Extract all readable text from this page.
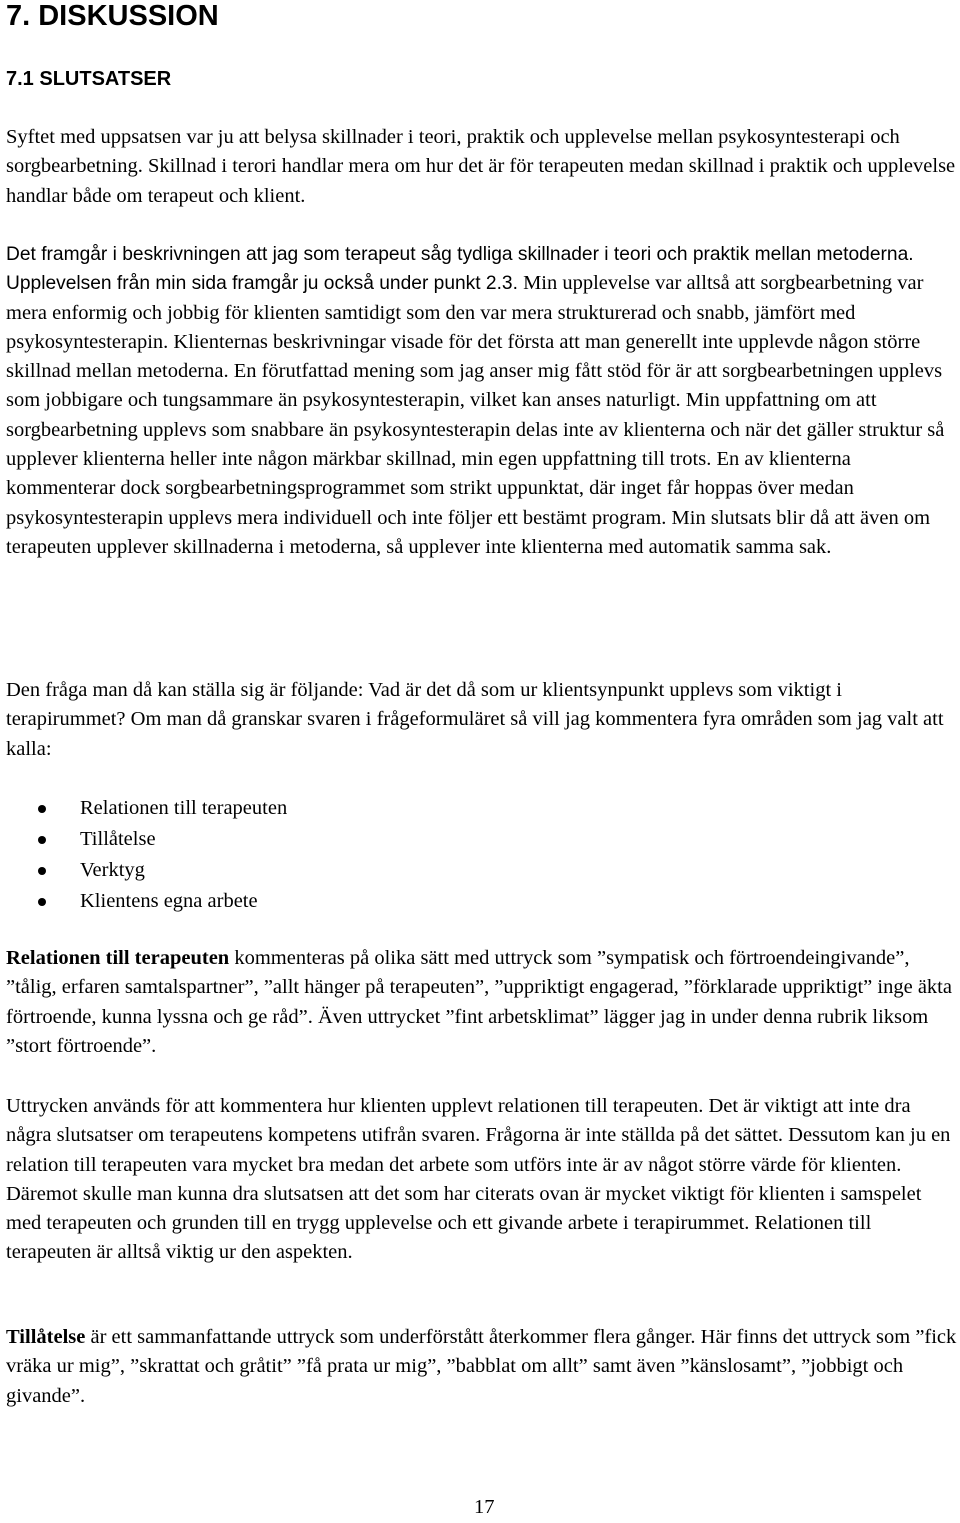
7. DISKUSSION
7.1 SLUTSATSER

Syftet med uppsatsen var ju att belysa skillnader i teori, praktik och upplevelse mellan psykosyntesterapi och sorgbearbetning. Skillnad i terori handlar mera om hur det är för terapeuten medan skillnad i praktik och upplevelse handlar både om terapeut och klient.

Det framgår i beskrivningen att jag som terapeut såg tydliga skillnader i teori och praktik mellan metoderna. Upplevelsen från min sida framgår ju också under punkt 2.3. Min upplevelse var alltså att sorgbearbetning var mera enformig och jobbig för klienten samtidigt som den var mera strukturerad och snabb, jämfört med psykosyntesterapin. Klienternas beskrivningar visade för det första att man generellt inte upplevde någon större skillnad mellan metoderna. En förutfattad mening som jag anser mig fått stöd för är att sorgbearbetningen upplevs som jobbigare och tungsammare än psykosyntesterapin, vilket kan anses naturligt. Min uppfattning om att sorgbearbetning upplevs som snabbare än psykosyntesterapin delas inte av klienterna och när det gäller struktur så upplever klienterna heller inte någon märkbar skillnad, min egen uppfattning till trots. En av klienterna kommenterar dock sorgbearbetningsprogrammet som strikt uppunktat, där inget får hoppas över medan psykosyntesterapin upplevs mera individuell och inte följer ett bestämt program. Min slutsats blir då att även om terapeuten upplever skillnaderna i metoderna, så upplever inte klienterna med automatik samma sak.

Den fråga man då kan ställa sig är följande: Vad är det då som ur klientsynpunkt upplevs som viktigt i terapirummet? Om man då granskar svaren i frågeformuläret så vill jag kommentera fyra områden som jag valt att kalla:

Relationen till terapeuten
Tillåtelse
Verktyg
Klientens egna arbete

Relationen till terapeuten kommenteras på olika sätt med uttryck som ”sympatisk och förtroendeingivande”, ”tålig, erfaren samtalspartner”, ”allt hänger på terapeuten”, ”uppriktigt engagerad, ”förklarade uppriktigt” inge äkta förtroende, kunna lyssna och ge råd”. Även uttrycket ”fint arbetsklimat” lägger jag in under denna rubrik liksom ”stort förtroende”.

Uttrycken används för att kommentera hur klienten upplevt relationen till terapeuten. Det är viktigt att inte dra några slutsatser om terapeutens kompetens utifrån svaren. Frågorna är inte ställda på det sättet. Dessutom kan ju en relation till terapeuten vara mycket bra medan det arbete som utförs inte är av något större värde för klienten. Däremot skulle man kunna dra slutsatsen att det som har citerats ovan är mycket viktigt för klienten i samspelet med terapeuten och grunden till en trygg upplevelse och ett givande arbete i terapirummet. Relationen till terapeuten är alltså viktig ur den aspekten.

Tillåtelse är ett sammanfattande uttryck som underförstått återkommer flera gånger. Här finns det uttryck som ”fick vräka ur mig”, ”skrattat och gråtit” ”få prata ur mig”, ”babblat om allt” samt även ”känslosamt”, ”jobbigt och givande”.

17
